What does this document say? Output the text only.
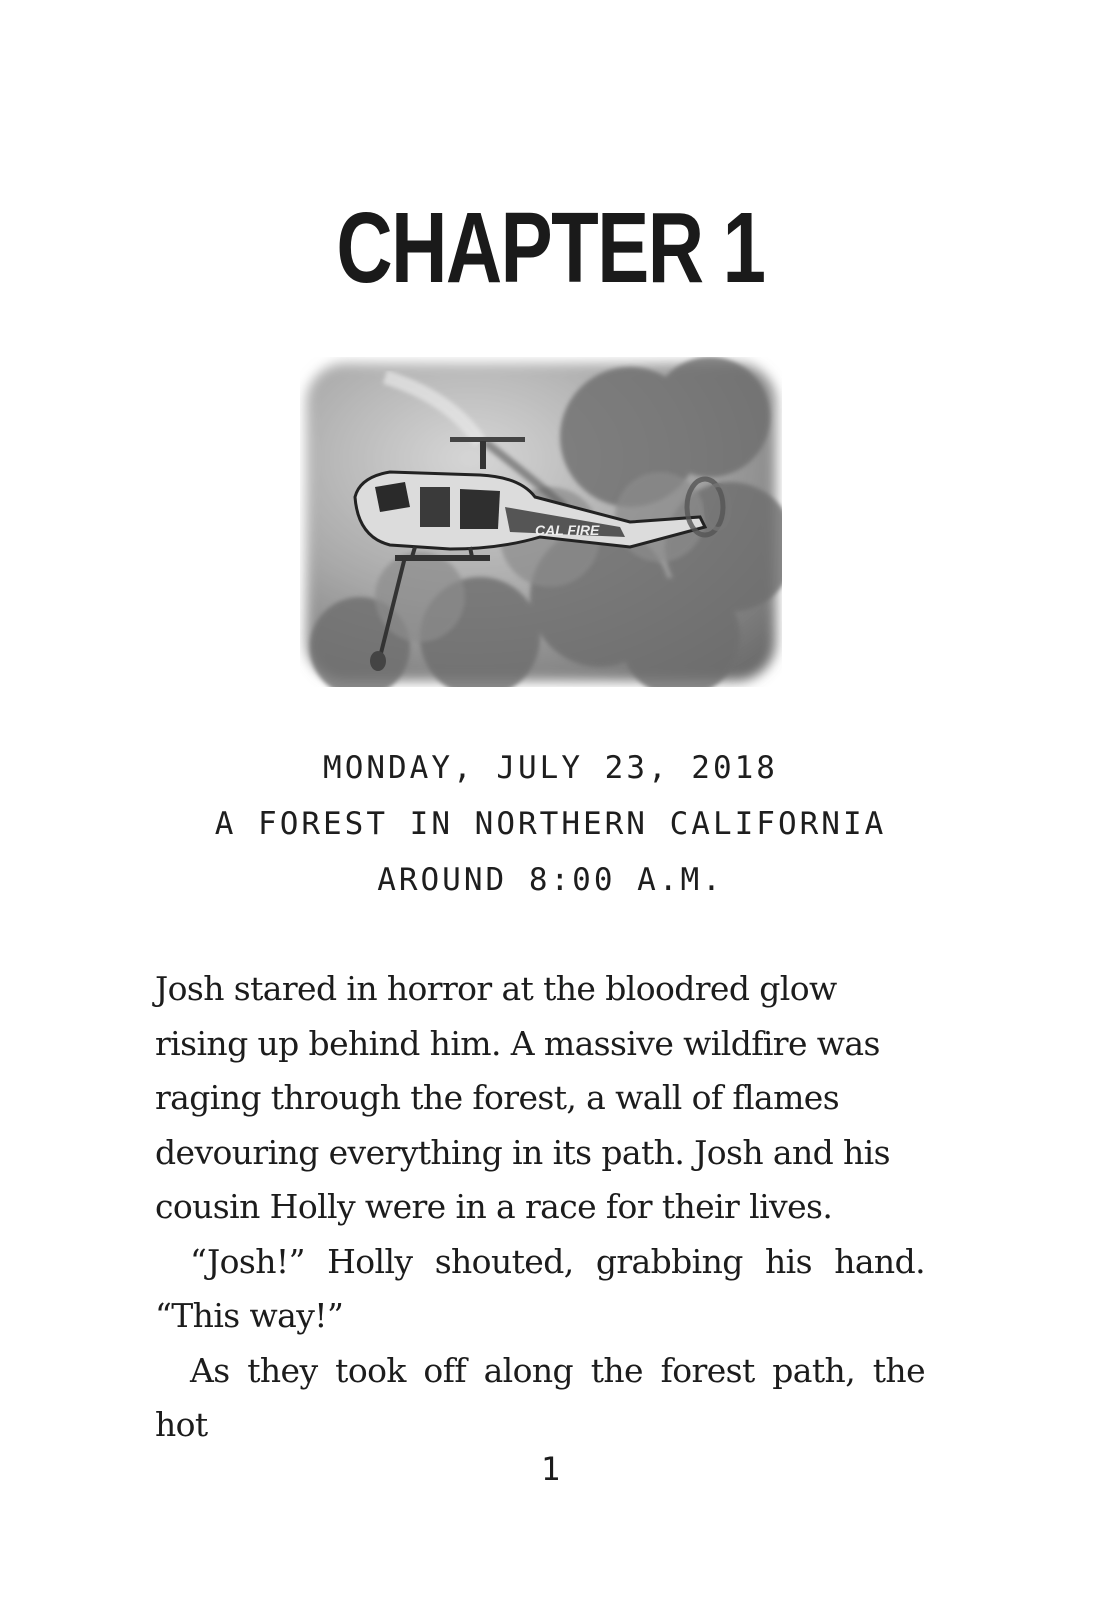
CHAPTER 1
CAL FIRE
MONDAY, JULY 23, 2018
A FOREST IN NORTHERN CALIFORNIA
AROUND 8:00 A.M.

Josh stared in horror at the bloodred glow rising up behind him. A massive wildfire was raging through the forest, a wall of flames devouring everything in its path. Josh and his cousin Holly were in a race for their lives.

“Josh!” Holly shouted, grabbing his hand. “This way!”

As they took off along the forest path, the hot

1
